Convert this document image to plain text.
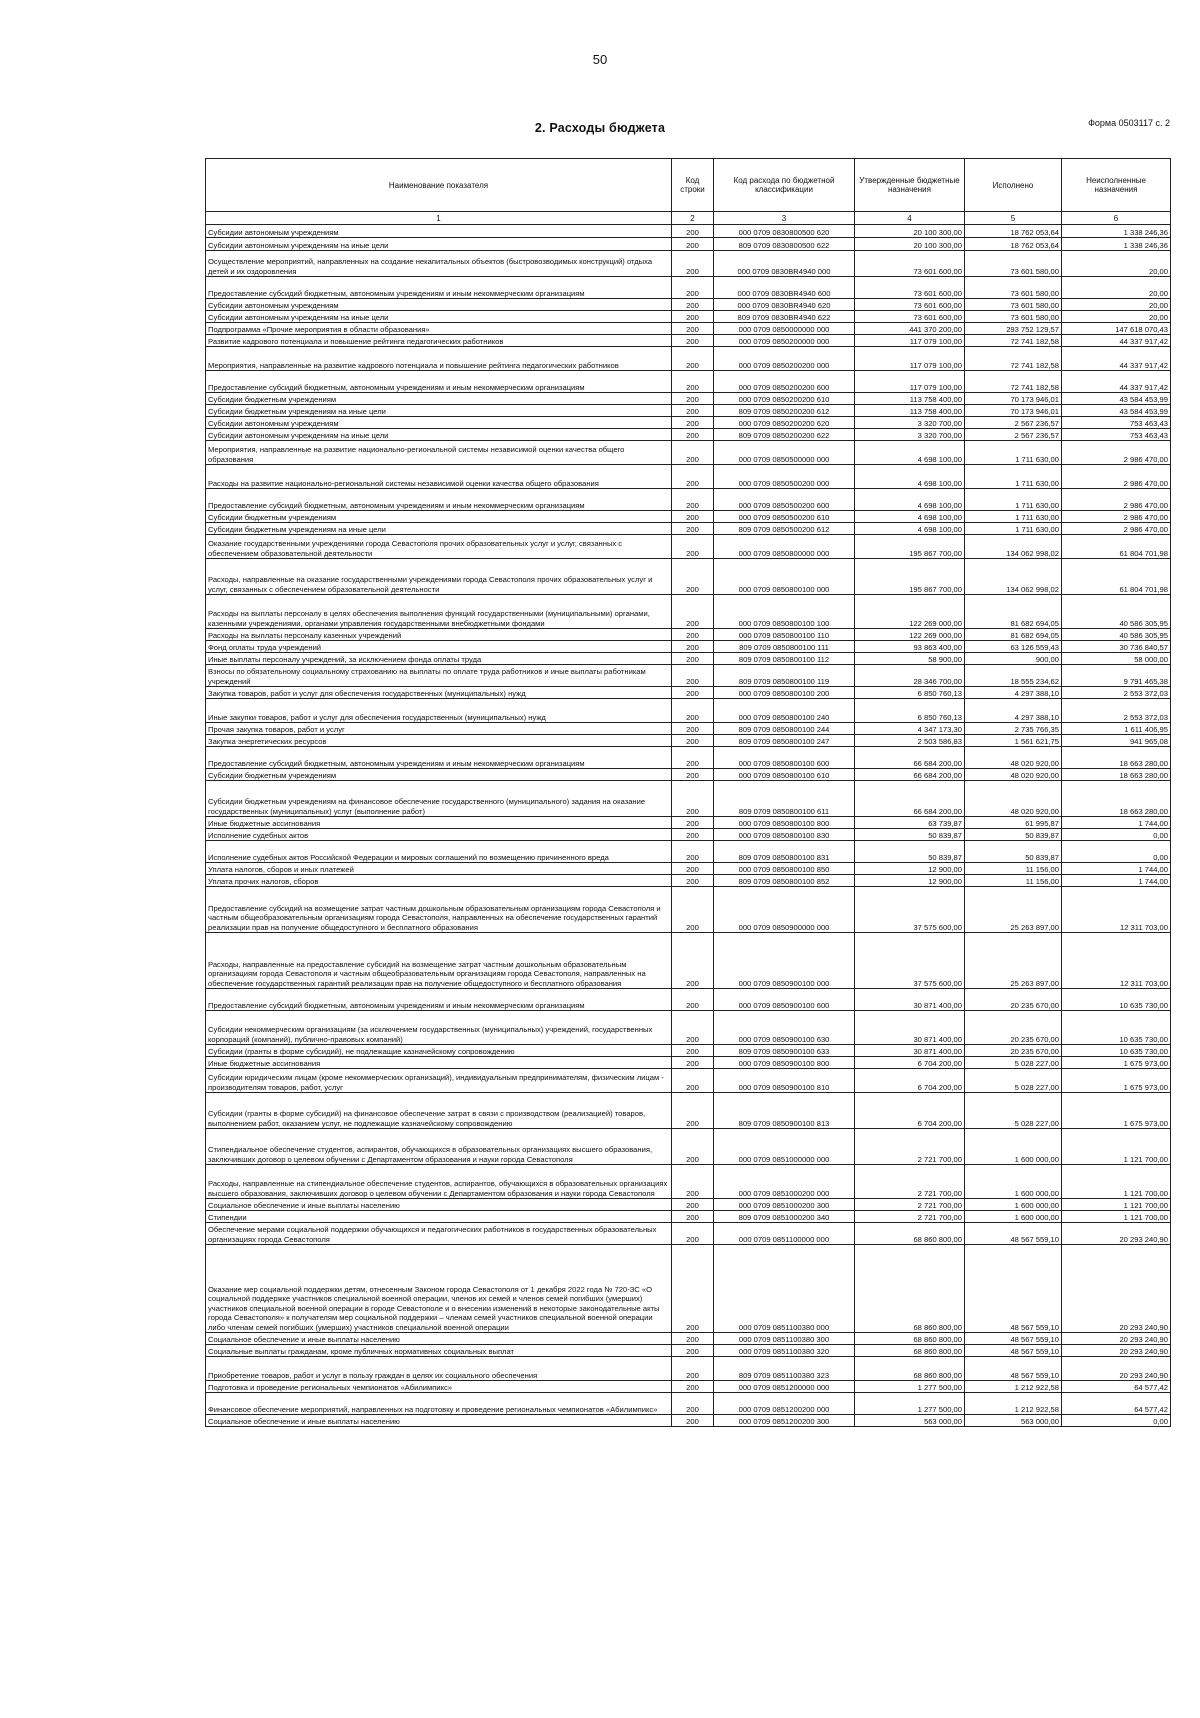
50
Форма 0503117 с. 2
2. Расходы бюджета
Наименование показателя	Код строки	Код расхода по бюджетной классификации	Утвержденные бюджетные назначения	Исполнено	Неисполненные назначения
1	2	3	4	5	6
Субсидии автономным учреждениям	200	000 0709 0830800500 620	20 100 300,00	18 762 053,64	1 338 246,36
Субсидии автономным учреждениям на иные цели	200	809 0709 0830800500 622	20 100 300,00	18 762 053,64	1 338 246,36
Осуществление мероприятий, направленных на создание некапитальных объектов (быстровозводимых конструкций) отдыха детей и их оздоровления	200	000 0709 0830BR4940 000	73 601 600,00	73 601 580,00	20,00
Предоставление субсидий бюджетным, автономным учреждениям и иным некоммерческим организациям	200	000 0709 0830BR4940 600	73 601 600,00	73 601 580,00	20,00
Субсидии автономным учреждениям	200	000 0709 0830BR4940 620	73 601 600,00	73 601 580,00	20,00
Субсидии автономным учреждениям на иные цели	200	809 0709 0830BR4940 622	73 601 600,00	73 601 580,00	20,00
Подпрограмма «Прочие мероприятия в области образования»	200	000 0709 0850000000 000	441 370 200,00	293 752 129,57	147 618 070,43
Развитие кадрового потенциала и повышение рейтинга педагогических работников	200	000 0709 0850200000 000	117 079 100,00	72 741 182,58	44 337 917,42
Мероприятия, направленные на развитие кадрового потенциала и повышение рейтинга педагогических работников	200	000 0709 0850200200 000	117 079 100,00	72 741 182,58	44 337 917,42
Предоставление субсидий бюджетным, автономным учреждениям и иным некоммерческим организациям	200	000 0709 0850200200 600	117 079 100,00	72 741 182,58	44 337 917,42
Субсидии бюджетным учреждениям	200	000 0709 0850200200 610	113 758 400,00	70 173 946,01	43 584 453,99
Субсидии бюджетным учреждениям на иные цели	200	809 0709 0850200200 612	113 758 400,00	70 173 946,01	43 584 453,99
Субсидии автономным учреждениям	200	000 0709 0850200200 620	3 320 700,00	2 567 236,57	753 463,43
Субсидии автономным учреждениям на иные цели	200	809 0709 0850200200 622	3 320 700,00	2 567 236,57	753 463,43
Мероприятия, направленные на развитие национально-региональной системы независимой оценки качества общего образования	200	000 0709 0850500000 000	4 698 100,00	1 711 630,00	2 986 470,00
Расходы на развитие национально-региональной системы независимой оценки качества общего образования	200	000 0709 0850500200 000	4 698 100,00	1 711 630,00	2 986 470,00
Предоставление субсидий бюджетным, автономным учреждениям и иным некоммерческим организациям	200	000 0709 0850500200 600	4 698 100,00	1 711 630,00	2 986 470,00
Субсидии бюджетным учреждениям	200	000 0709 0850500200 610	4 698 100,00	1 711 630,00	2 986 470,00
Субсидии бюджетным учреждениям на иные цели	200	809 0709 0850500200 612	4 698 100,00	1 711 630,00	2 986 470,00
Оказание государственными учреждениями города Севастополя прочих образовательных услуг и услуг, связанных с обеспечением образовательной деятельности	200	000 0709 0850800000 000	195 867 700,00	134 062 998,02	61 804 701,98
Расходы, направленные на оказание государственными учреждениями города Севастополя прочих образовательных услуг и услуг, связанных с обеспечением образовательной деятельности	200	000 0709 0850800100 000	195 867 700,00	134 062 998,02	61 804 701,98
Расходы на выплаты персоналу в целях обеспечения выполнения функций государственными (муниципальными) органами, казенными учреждениями, органами управления государственными внебюджетными фондами	200	000 0709 0850800100 100	122 269 000,00	81 682 694,05	40 586 305,95
Расходы на выплаты персоналу казенных учреждений	200	000 0709 0850800100 110	122 269 000,00	81 682 694,05	40 586 305,95
Фонд оплаты труда учреждений	200	809 0709 0850800100 111	93 863 400,00	63 126 559,43	30 736 840,57
Иные выплаты персоналу учреждений, за исключением фонда оплаты труда	200	809 0709 0850800100 112	58 900,00	900,00	58 000,00
Взносы по обязательному социальному страхованию на выплаты по оплате труда работников и иные выплаты работникам учреждений	200	809 0709 0850800100 119	28 346 700,00	18 555 234,62	9 791 465,38
Закупка товаров, работ и услуг для обеспечения государственных (муниципальных) нужд	200	000 0709 0850800100 200	6 850 760,13	4 297 388,10	2 553 372,03
Иные закупки товаров, работ и услуг для обеспечения государственных (муниципальных) нужд	200	000 0709 0850800100 240	6 850 760,13	4 297 388,10	2 553 372,03
Прочая закупка товаров, работ и услуг	200	809 0709 0850800100 244	4 347 173,30	2 735 766,35	1 611 406,95
Закупка энергетических ресурсов	200	809 0709 0850800100 247	2 503 586,83	1 561 621,75	941 965,08
Предоставление субсидий бюджетным, автономным учреждениям и иным некоммерческим организациям	200	000 0709 0850800100 600	66 684 200,00	48 020 920,00	18 663 280,00
Субсидии бюджетным учреждениям	200	000 0709 0850800100 610	66 684 200,00	48 020 920,00	18 663 280,00
Субсидии бюджетным учреждениям на финансовое обеспечение государственного (муниципального) задания на оказание государственных (муниципальных) услуг (выполнение работ)	200	809 0709 0850800100 611	66 684 200,00	48 020 920,00	18 663 280,00
Иные бюджетные ассигнования	200	000 0709 0850800100 800	63 739,87	61 995,87	1 744,00
Исполнение судебных актов	200	000 0709 0850800100 830	50 839,87	50 839,87	0,00
Исполнение судебных актов Российской Федерации и мировых соглашений по возмещению причиненного вреда	200	809 0709 0850800100 831	50 839,87	50 839,87	0,00
Уплата налогов, сборов и иных платежей	200	000 0709 0850800100 850	12 900,00	11 156,00	1 744,00
Уплата прочих налогов, сборов	200	809 0709 0850800100 852	12 900,00	11 156,00	1 744,00
Предоставление субсидий на возмещение затрат частным дошкольным образовательным организациям города Севастополя и частным общеобразовательным организациям города Севастополя, направленных на обеспечение государственных гарантий реализации прав на получение общедоступного и бесплатного образования	200	000 0709 0850900000 000	37 575 600,00	25 263 897,00	12 311 703,00
Расходы, направленные на предоставление субсидий на возмещение затрат частным дошкольным образовательным организациям города Севастополя и частным общеобразовательным организациям города Севастополя, направленных на обеспечение государственных гарантий реализации прав на получение общедоступного и бесплатного образования	200	000 0709 0850900100 000	37 575 600,00	25 263 897,00	12 311 703,00
Предоставление субсидий бюджетным, автономным учреждениям и иным некоммерческим организациям	200	000 0709 0850900100 600	30 871 400,00	20 235 670,00	10 635 730,00
Субсидии некоммерческим организациям (за исключением государственных (муниципальных) учреждений, государственных корпораций (компаний), публично-правовых компаний)	200	000 0709 0850900100 630	30 871 400,00	20 235 670,00	10 635 730,00
Субсидии (гранты в форме субсидий), не подлежащие казначейскому сопровождению	200	809 0709 0850900100 633	30 871 400,00	20 235 670,00	10 635 730,00
Иные бюджетные ассигнования	200	000 0709 0850900100 800	6 704 200,00	5 028 227,00	1 675 973,00
Субсидии юридическим лицам (кроме некоммерческих организаций), индивидуальным предпринимателям, физическим лицам - производителям товаров, работ, услуг	200	000 0709 0850900100 810	6 704 200,00	5 028 227,00	1 675 973,00
Субсидии (гранты в форме субсидий) на финансовое обеспечение затрат в связи с производством (реализацией) товаров, выполнением работ, оказанием услуг, не подлежащие казначейскому сопровождению	200	809 0709 0850900100 813	6 704 200,00	5 028 227,00	1 675 973,00
Стипендиальное обеспечение студентов, аспирантов, обучающихся в образовательных организациях высшего образования, заключивших договор о целевом обучении с Департаментом образования и науки города Севастополя	200	000 0709 0851000000 000	2 721 700,00	1 600 000,00	1 121 700,00
Расходы, направленные на стипендиальное обеспечение студентов, аспирантов, обучающихся в образовательных организациях высшего образования, заключивших договор о целевом обучении с Департаментом образования и науки города Севастополя	200	000 0709 0851000200 000	2 721 700,00	1 600 000,00	1 121 700,00
Социальное обеспечение и иные выплаты населению	200	000 0709 0851000200 300	2 721 700,00	1 600 000,00	1 121 700,00
Стипендии	200	809 0709 0851000200 340	2 721 700,00	1 600 000,00	1 121 700,00
Обеспечение мерами социальной поддержки обучающихся и педагогических работников в государственных образовательных организациях города Севастополя	200	000 0709 0851100000 000	68 860 800,00	48 567 559,10	20 293 240,90
Оказание мер социальной поддержки детям, отнесенным Законом города Севастополя от 1 декабря 2022 года № 720-ЗС «О социальной поддержке участников специальной военной операции, членов их семей и членов семей погибших (умерших) участников специальной военной операции в городе Севастополе и о внесении изменений в некоторые законодательные акты города Севастополя» к получателям мер социальной поддержки – членам семей участников специальной военной операции либо членам семей погибших (умерших) участников специальной военной операции	200	000 0709 0851100380 000	68 860 800,00	48 567 559,10	20 293 240,90
Социальное обеспечение и иные выплаты населению	200	000 0709 0851100380 300	68 860 800,00	48 567 559,10	20 293 240,90
Социальные выплаты гражданам, кроме публичных нормативных социальных выплат	200	000 0709 0851100380 320	68 860 800,00	48 567 559,10	20 293 240,90
Приобретение товаров, работ и услуг в пользу граждан в целях их социального обеспечения	200	809 0709 0851100380 323	68 860 800,00	48 567 559,10	20 293 240,90
Подготовка и проведение региональных чемпионатов «Абилимпикс»	200	000 0709 0851200000 000	1 277 500,00	1 212 922,58	64 577,42
Финансовое обеспечение мероприятий, направленных на подготовку и проведение региональных чемпионатов «Абилимпикс»	200	000 0709 0851200200 000	1 277 500,00	1 212 922,58	64 577,42
Социальное обеспечение и иные выплаты населению	200	000 0709 0851200200 300	563 000,00	563 000,00	0,00
